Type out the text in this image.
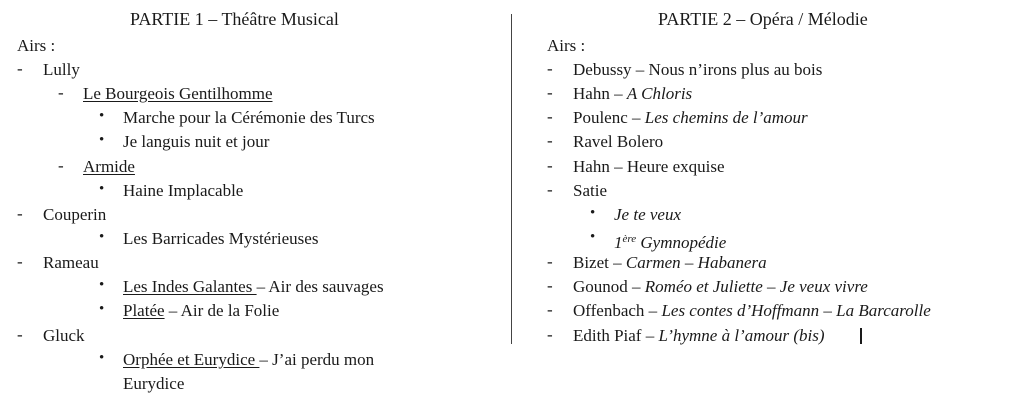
PARTIE 1 – Théâtre Musical
Airs :
- Lully
- Le Bourgeois Gentilhomme
• Marche pour la Cérémonie des Turcs
• Je languis nuit et jour
- Armide
• Haine Implacable
- Couperin
• Les Barricades Mystérieuses
- Rameau
• Les Indes Galantes – Air des sauvages
• Platée – Air de la Folie
- Gluck
• Orphée et Eurydice – J’ai perdu mon
Eurydice
PARTIE 2 – Opéra / Mélodie
Airs :
- Debussy – Nous n’irons plus au bois
- Hahn – A Chloris
- Poulenc – Les chemins de l’amour
- Ravel Bolero
- Hahn – Heure exquise
- Satie
• Je te veux
• 1ère Gymnopédie
- Bizet – Carmen – Habanera
- Gounod – Roméo et Juliette – Je veux vivre
- Offenbach – Les contes d’Hoffmann – La Barcarolle
- Edith Piaf – L’hymne à l’amour (bis)
